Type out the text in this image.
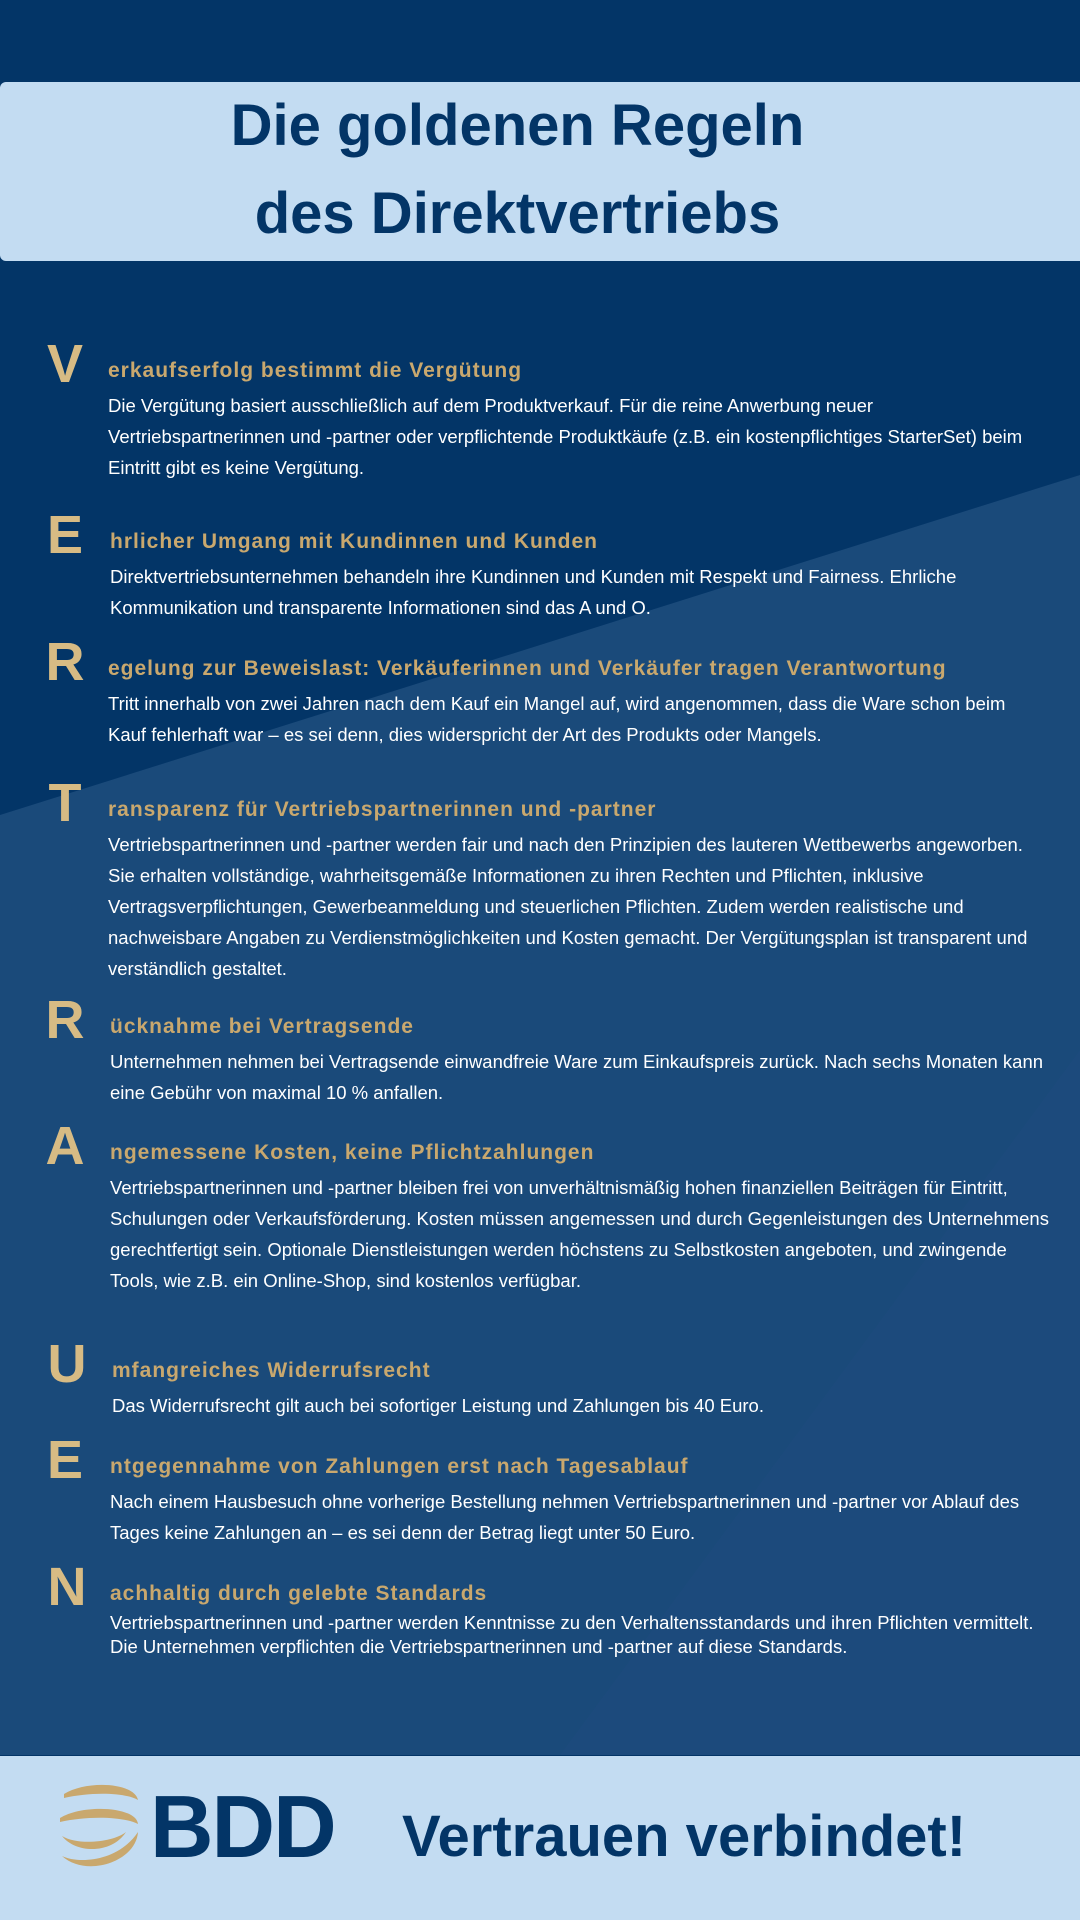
Die goldenen Regeln
des Direktvertriebs
V	erkaufserfolg bestimmt die Vergütung
Die Vergütung basiert ausschließlich auf dem Produktverkauf. Für die reine Anwerbung neuer Vertriebspartnerinnen und -partner oder verpflichtende Produktkäufe (z.B. ein kostenpflichtiges StarterSet) beim Eintritt gibt es keine Vergütung.
E	hrlicher Umgang mit Kundinnen und Kunden
Direktvertriebsunternehmen behandeln ihre Kundinnen und Kunden mit Respekt und Fairness. Ehrliche Kommunikation und transparente Informationen sind das A und O.
R	egelung zur Beweislast: Verkäuferinnen und Verkäufer tragen Verantwortung
Tritt innerhalb von zwei Jahren nach dem Kauf ein Mangel auf, wird angenommen, dass die Ware schon beim Kauf fehlerhaft war – es sei denn, dies widerspricht der Art des Produkts oder Mangels.
T	ransparenz für Vertriebspartnerinnen und -partner
Vertriebspartnerinnen und -partner werden fair und nach den Prinzipien des lauteren Wettbewerbs angeworben. Sie erhalten vollständige, wahrheitsgemäße Informationen zu ihren Rechten und Pflichten, inklusive Vertragsverpflichtungen, Gewerbeanmeldung und steuerlichen Pflichten. Zudem werden realistische und nachweisbare Angaben zu Verdienstmöglichkeiten und Kosten gemacht. Der Vergütungsplan ist transparent und verständlich gestaltet.
R	ücknahme bei Vertragsende
Unternehmen nehmen bei Vertragsende einwandfreie Ware zum Einkaufspreis zurück. Nach sechs Monaten kann eine Gebühr von maximal 10 % anfallen.
A	ngemessene Kosten, keine Pflichtzahlungen
Vertriebspartnerinnen und -partner bleiben frei von unverhältnismäßig hohen finanziellen Beiträgen für Eintritt, Schulungen oder Verkaufsförderung. Kosten müssen angemessen und durch Gegenleistungen des Unternehmens gerechtfertigt sein. Optionale Dienstleistungen werden höchstens zu Selbstkosten angeboten, und zwingende Tools, wie z.B. ein Online-Shop, sind kostenlos verfügbar.
U	mfangreiches Widerrufsrecht
Das Widerrufsrecht gilt auch bei sofortiger Leistung und Zahlungen bis 40 Euro.
E	ntgegennahme von Zahlungen erst nach Tagesablauf
Nach einem Hausbesuch ohne vorherige Bestellung nehmen Vertriebspartnerinnen und -partner vor Ablauf des Tages keine Zahlungen an – es sei denn der Betrag liegt unter 50 Euro.
N	achhaltig durch gelebte Standards
Vertriebspartnerinnen und -partner werden Kenntnisse zu den Verhaltensstandards und ihren Pflichten vermittelt. Die Unternehmen verpflichten die Vertriebspartnerinnen und -partner auf diese Standards.
BDD Vertrauen verbindet!
